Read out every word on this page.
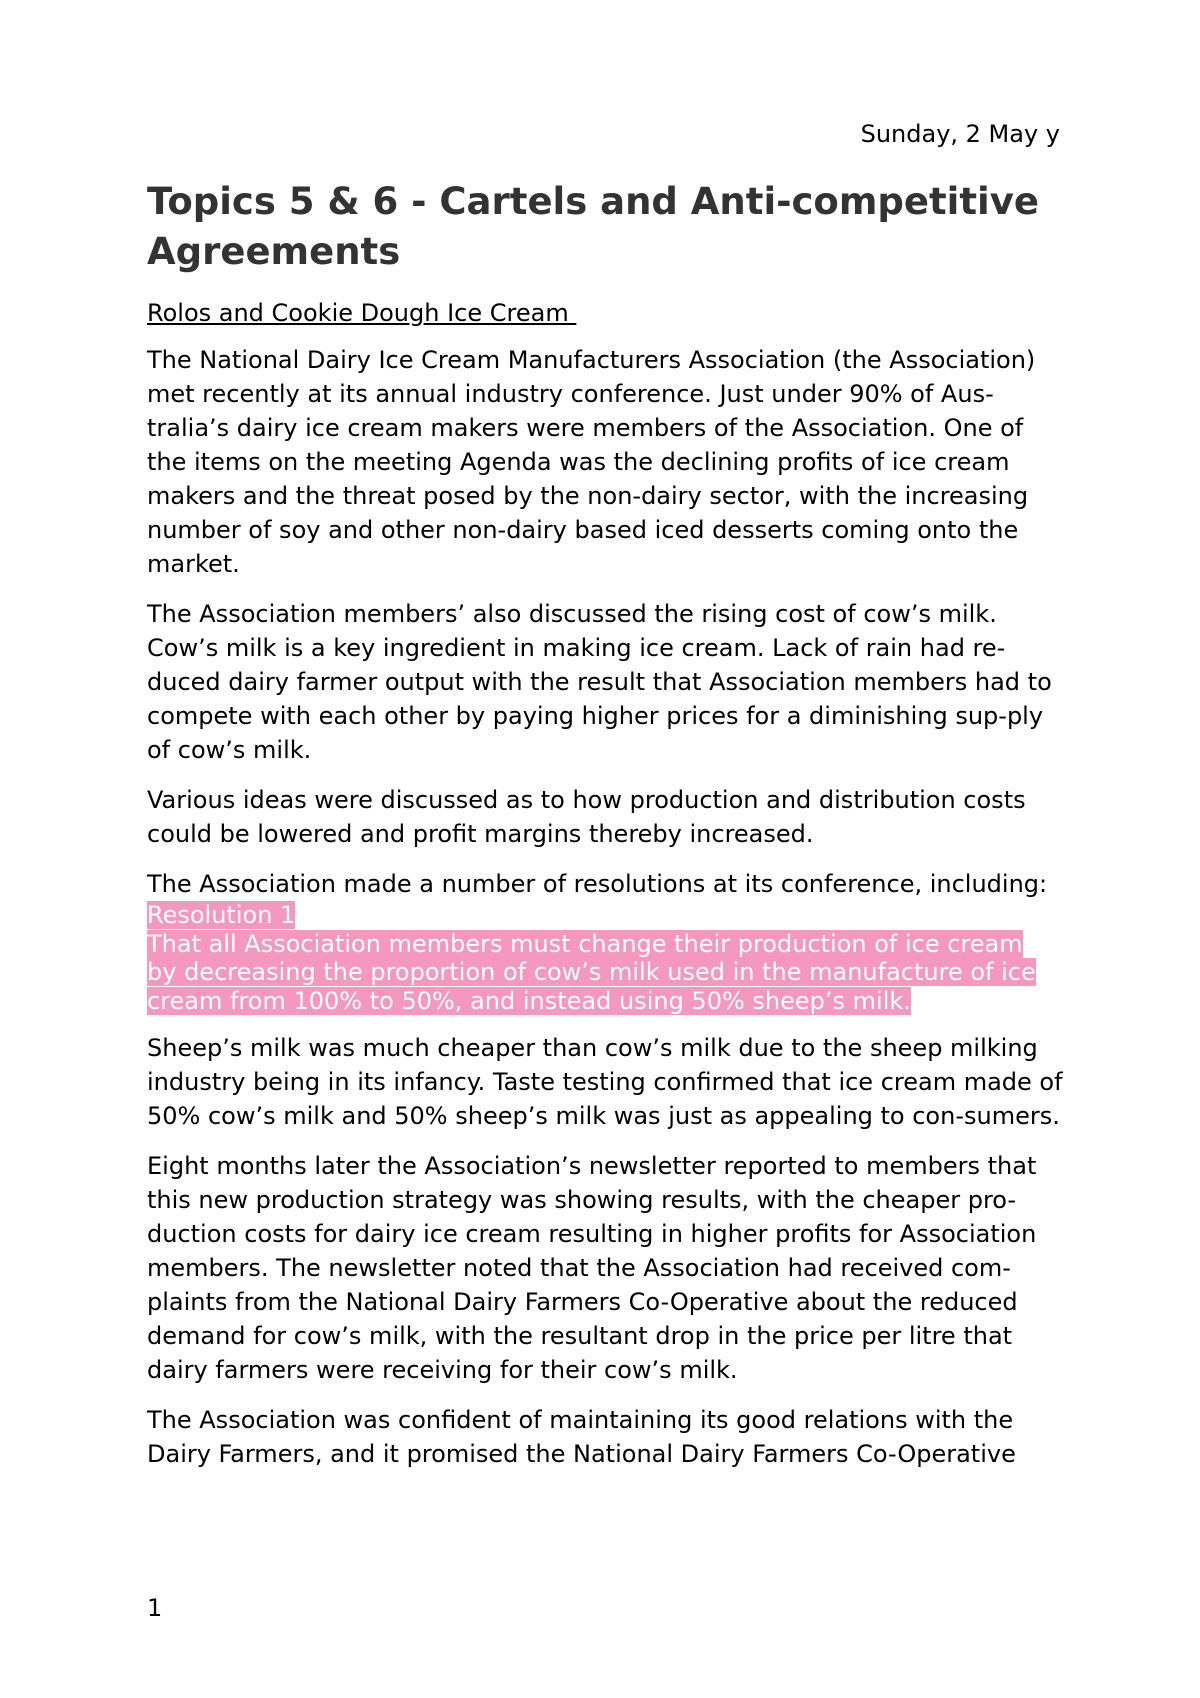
Sunday, 2 May y
Topics 5 & 6 - Cartels and Anti-competitive Agreements
Rolos and Cookie Dough Ice Cream

The National Dairy Ice Cream Manufacturers Association (the Association) met recently at its annual industry conference. Just under 90% of Aus-tralia’s dairy ice cream makers were members of the Association. One of the items on the meeting Agenda was the declining profits of ice cream makers and the threat posed by the non-dairy sector, with the increasing number of soy and other non-dairy based iced desserts coming onto the market.

The Association members’ also discussed the rising cost of cow’s milk. Cow’s milk is a key ingredient in making ice cream. Lack of rain had re-duced dairy farmer output with the result that Association members had to compete with each other by paying higher prices for a diminishing sup-ply of cow’s milk.

Various ideas were discussed as to how production and distribution costs could be lowered and profit margins thereby increased.

The Association made a number of resolutions at its conference, including:

Resolution 1
That all Association members must change their production of ice cream
by decreasing the proportion of cow’s milk used in the manufacture of ice
cream from 100% to 50%, and instead using 50% sheep’s milk.

Sheep’s milk was much cheaper than cow’s milk due to the sheep milking industry being in its infancy. Taste testing confirmed that ice cream made of 50% cow’s milk and 50% sheep’s milk was just as appealing to con-sumers.

Eight months later the Association’s newsletter reported to members that this new production strategy was showing results, with the cheaper pro-duction costs for dairy ice cream resulting in higher profits for Association members. The newsletter noted that the Association had received com-plaints from the National Dairy Farmers Co-Operative about the reduced demand for cow’s milk, with the resultant drop in the price per litre that dairy farmers were receiving for their cow’s milk.

The Association was confident of maintaining its good relations with the Dairy Farmers, and it promised the National Dairy Farmers Co-Operative

1
